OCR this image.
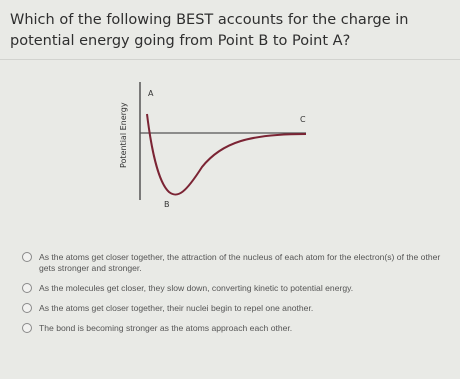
Which of the following BEST accounts for the charge in potential energy going from Point B to Point A?
Potential Energy
A
B
C
As the atoms get closer together, the attraction of the nucleus of each atom for the electron(s) of the other gets stronger and stronger.
As the molecules get closer, they slow down, converting kinetic to potential energy.
As the atoms get closer together, their nuclei begin to repel one another.
The bond is becoming stronger as the atoms approach each other.
